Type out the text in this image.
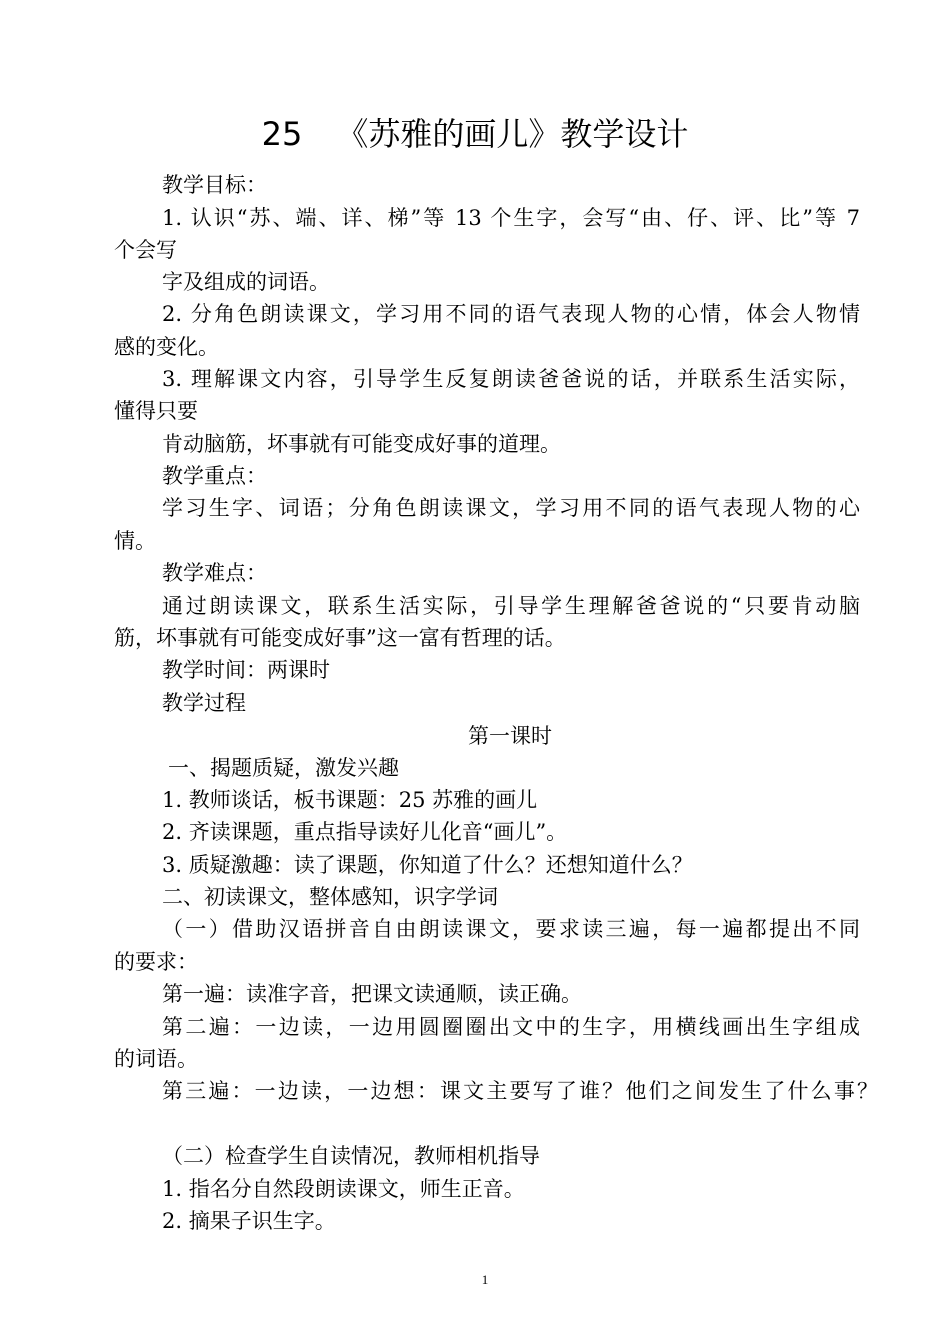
25 《苏雅的画儿》教学设计
教学目标：
1. 认识“苏、端、详、梯”等 13 个生字，会写“由、仔、评、比”等 7
个会写
字及组成的词语。
2. 分角色朗读课文，学习用不同的语气表现人物的心情，体会人物情
感的变化。
3. 理解课文内容，引导学生反复朗读爸爸说的话，并联系生活实际，
懂得只要
肯动脑筋，坏事就有可能变成好事的道理。
教学重点：
学习生字、词语；分角色朗读课文，学习用不同的语气表现人物的心
情。
教学难点：
通过朗读课文，联系生活实际，引导学生理解爸爸说的“只要肯动脑
筋，坏事就有可能变成好事”这一富有哲理的话。
教学时间：两课时
教学过程
第一课时
一、揭题质疑，激发兴趣
1. 教师谈话，板书课题：25 苏雅的画儿
2. 齐读课题，重点指导读好儿化音“画儿”。
3. 质疑激趣：读了课题，你知道了什么？还想知道什么？
二、初读课文，整体感知，识字学词
（一）借助汉语拼音自由朗读课文，要求读三遍，每一遍都提出不同
的要求：
第一遍：读准字音，把课文读通顺，读正确。
第二遍：一边读，一边用圆圈圈出文中的生字，用横线画出生字组成
的词语。
第三遍：一边读，一边想：课文主要写了谁？他们之间发生了什么事？
（二）检查学生自读情况，教师相机指导
1. 指名分自然段朗读课文，师生正音。
2. 摘果子识生字。
1
